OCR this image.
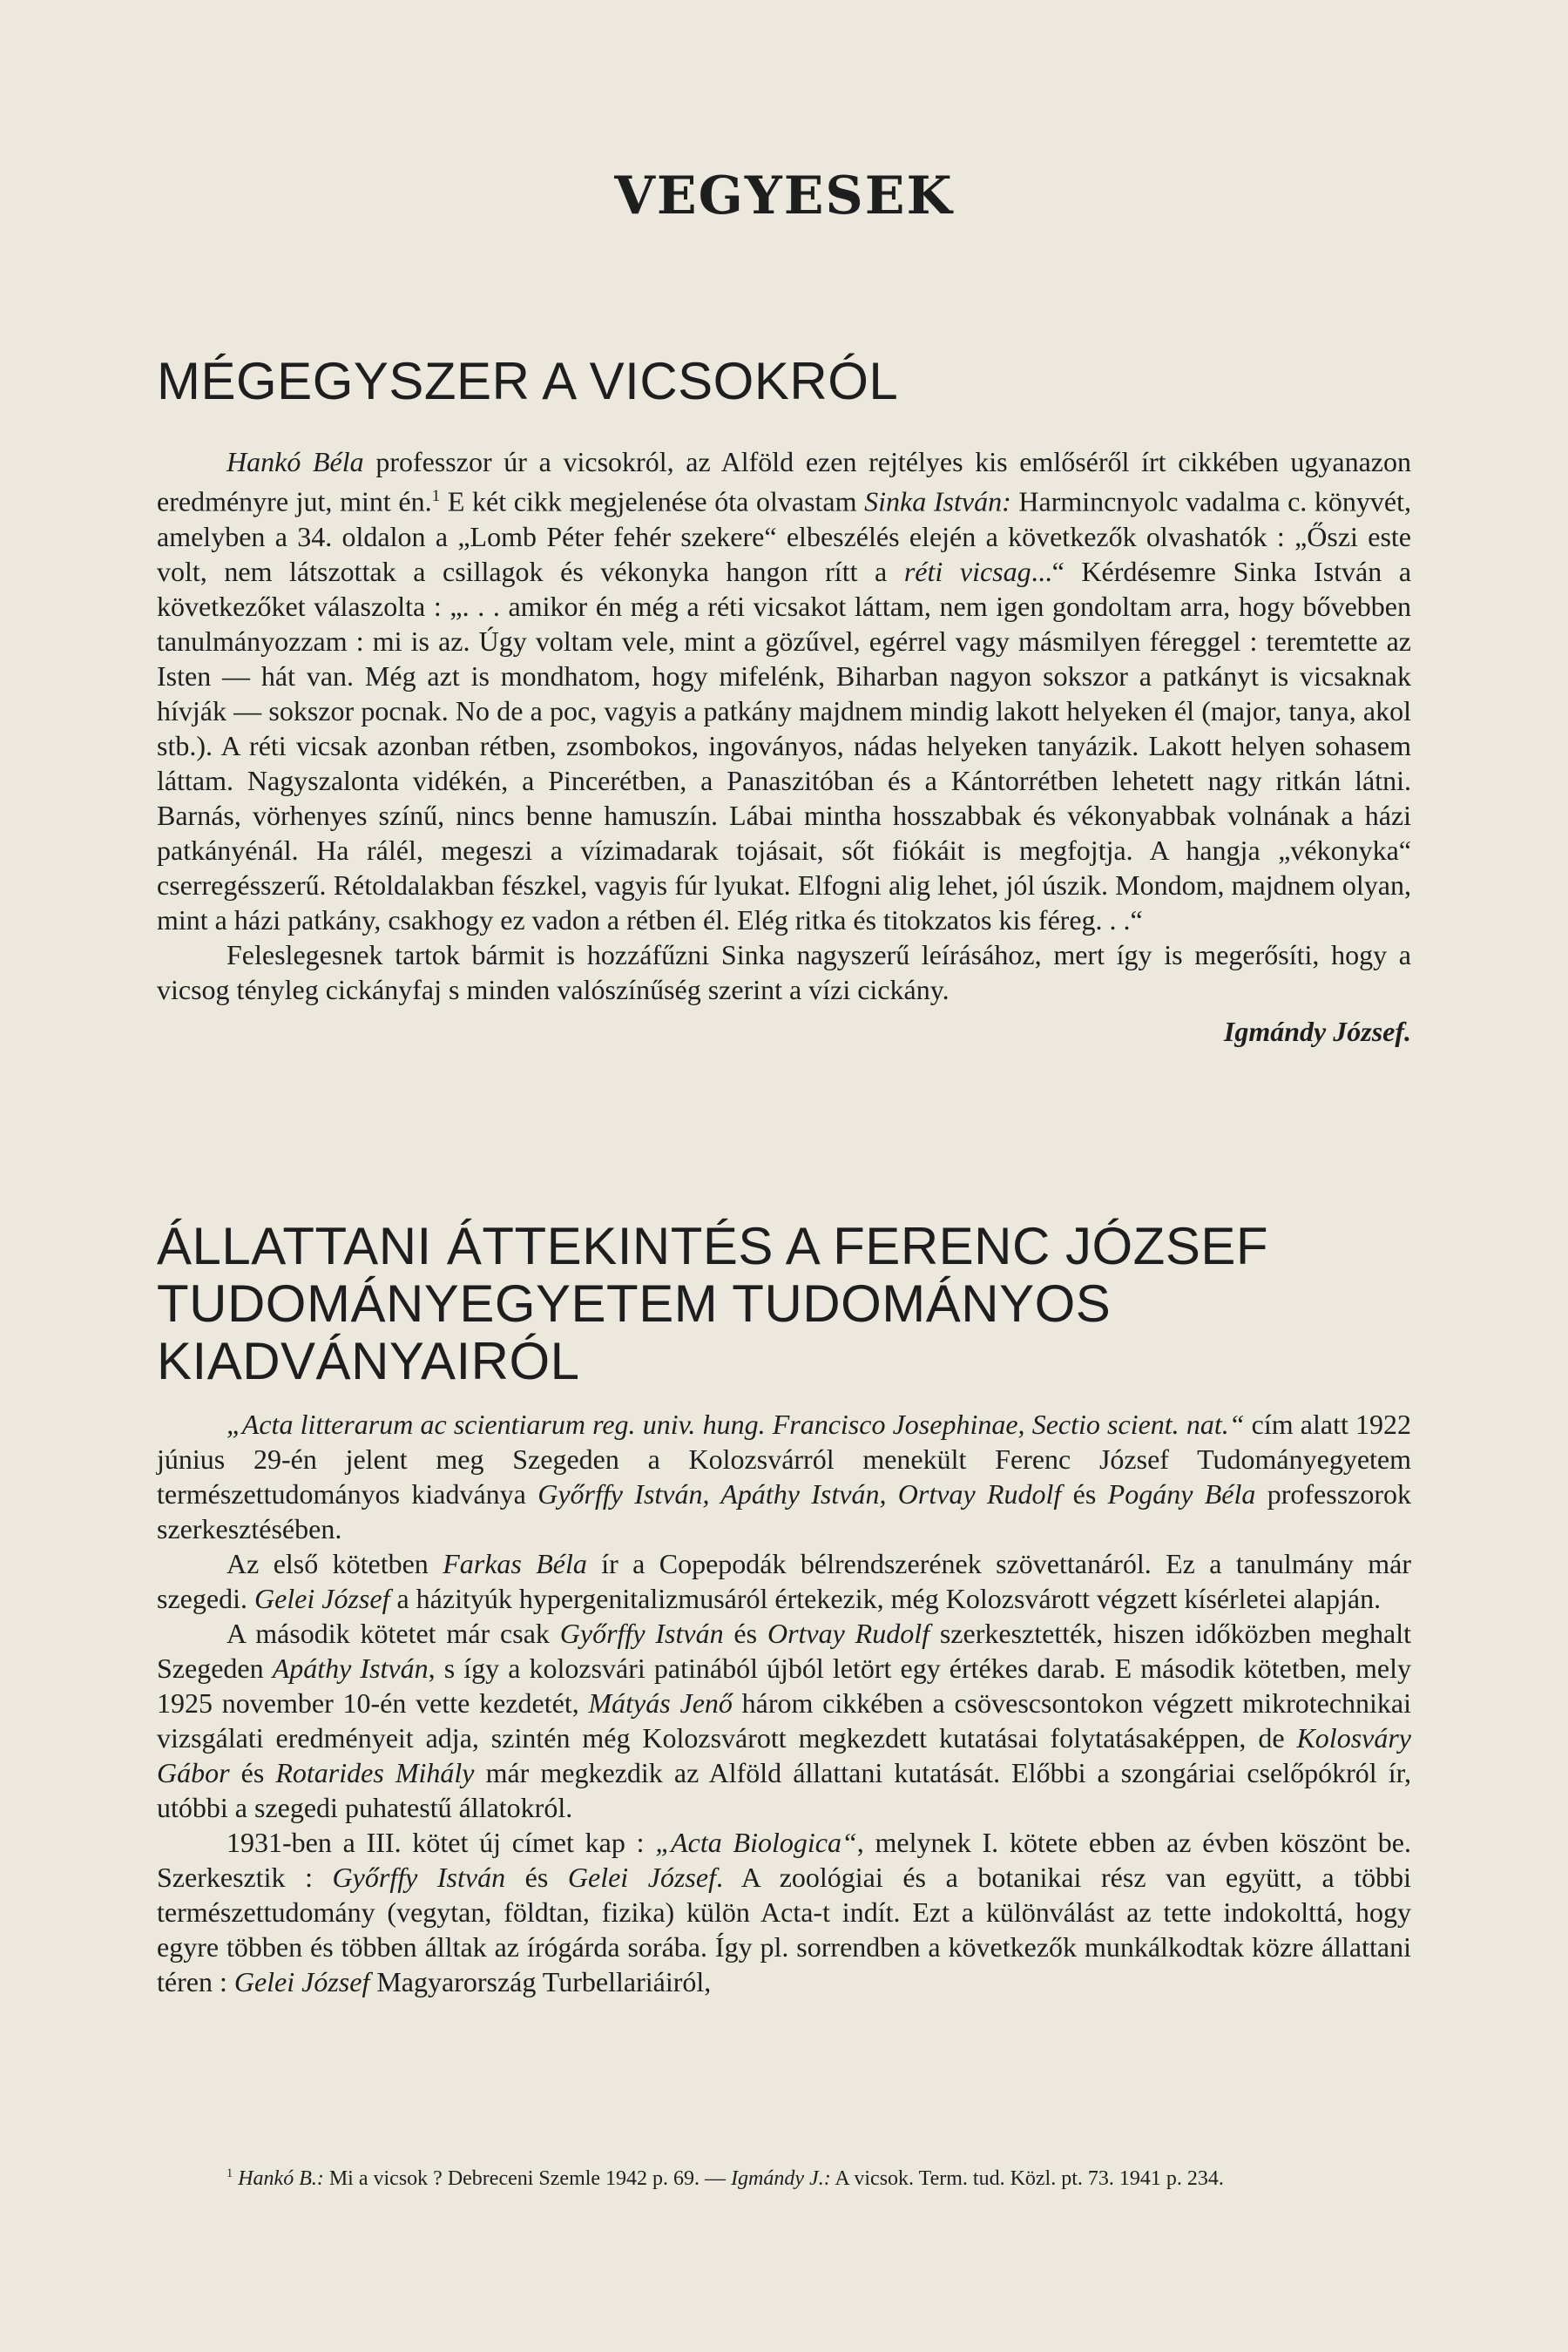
VEGYESEK
MÉGEGYSZER A VICSOKRÓL

Hankó Béla professzor úr a vicsokról, az Alföld ezen rejtélyes kis emlőséről írt cikkében ugyanazon eredményre jut, mint én.$^1$ E két cikk megjelenése óta olvastam Sinka István: Harmincnyolc vadalma c. könyvét, amelyben a 34. oldalon a „Lomb Péter fehér szekere“ elbeszélés elején a következők olvashatók : „Őszi este volt, nem látszottak a csillagok és vékonyka hangon rítt a réti vicsag...“ Kérdésemre Sinka István a következőket válaszolta : „. . . amikor én még a réti vicsakot láttam, nem igen gondoltam arra, hogy bővebben tanulmányozzam : mi is az. Úgy voltam vele, mint a gözűvel, egérrel vagy másmilyen féreggel : teremtette az Isten — hát van. Még azt is mondhatom, hogy mifelénk, Biharban nagyon sokszor a patkányt is vicsaknak hívják — sokszor pocnak. No de a poc, vagyis a patkány majdnem mindig lakott helyeken él (major, tanya, akol stb.). A réti vicsak azonban rétben, zsombokos, ingoványos, nádas helyeken tanyázik. Lakott helyen sohasem láttam. Nagyszalonta vidékén, a Pincerétben, a Panaszitóban és a Kántorrétben lehetett nagy ritkán látni. Barnás, vörhenyes színű, nincs benne hamuszín. Lábai mintha hosszabbak és vékonyabbak volnának a házi patkányénál. Ha rálél, megeszi a vízimadarak tojásait, sőt fiókáit is megfojtja. A hangja „vékonyka“ cserregésszerű. Rétoldalakban fészkel, vagyis fúr lyukat. Elfogni alig lehet, jól úszik. Mondom, majdnem olyan, mint a házi patkány, csakhogy ez vadon a rétben él. Elég ritka és titokzatos kis féreg. . .“

Feleslegesnek tartok bármit is hozzáfűzni Sinka nagyszerű leírásához, mert így is megerősíti, hogy a vicsog tényleg cickányfaj s minden valószínűség szerint a vízi cickány.

Igmándy József.

ÁLLATTANI ÁTTEKINTÉS A FERENC JÓZSEF
TUDOMÁNYEGYETEM TUDOMÁNYOS
KIADVÁNYAIRÓL

„Acta litterarum ac scientiarum reg. univ. hung. Francisco Josephinae, Sectio scient. nat.“ cím alatt 1922 június 29-én jelent meg Szegeden a Kolozsvárról menekült Ferenc József Tudományegyetem természettudományos kiadványa Győrffy István, Apáthy István, Ortvay Rudolf és Pogány Béla professzorok szerkesztésében.

Az első kötetben Farkas Béla ír a Copepodák bélrendszerének szövettanáról. Ez a tanulmány már szegedi. Gelei József a házityúk hypergenitalizmusáról értekezik, még Kolozsvárott végzett kísérletei alapján.

A második kötetet már csak Győrffy István és Ortvay Rudolf szerkesztették, hiszen időközben meghalt Szegeden Apáthy István, s így a kolozsvári patinából újból letört egy értékes darab. E második kötetben, mely 1925 november 10-én vette kezdetét, Mátyás Jenő három cikkében a csövescsontokon végzett mikrotechnikai vizsgálati eredményeit adja, szintén még Kolozsvárott megkezdett kutatásai folytatásaképpen, de Kolosváry Gábor és Rotarides Mihály már megkezdik az Alföld állattani kutatását. Előbbi a szongáriai cselőpókról ír, utóbbi a szegedi puhatestű állatokról.

1931-ben a III. kötet új címet kap : „Acta Biologica“, melynek I. kötete ebben az évben köszönt be. Szerkesztik : Győrffy István és Gelei József. A zoológiai és a botanikai rész van együtt, a többi természettudomány (vegytan, földtan, fizika) külön Acta-t indít. Ezt a különválást az tette indokolttá, hogy egyre többen és többen álltak az írógárda sorába. Így pl. sorrendben a következők munkálkodtak közre állattani téren : Gelei József Magyarország Turbellariáiról,

$^1$ Hankó B.: Mi a vicsok ? Debreceni Szemle 1942 p. 69. — Igmándy J.: A vicsok. Term. tud. Közl. pt. 73. 1941 p. 234.
